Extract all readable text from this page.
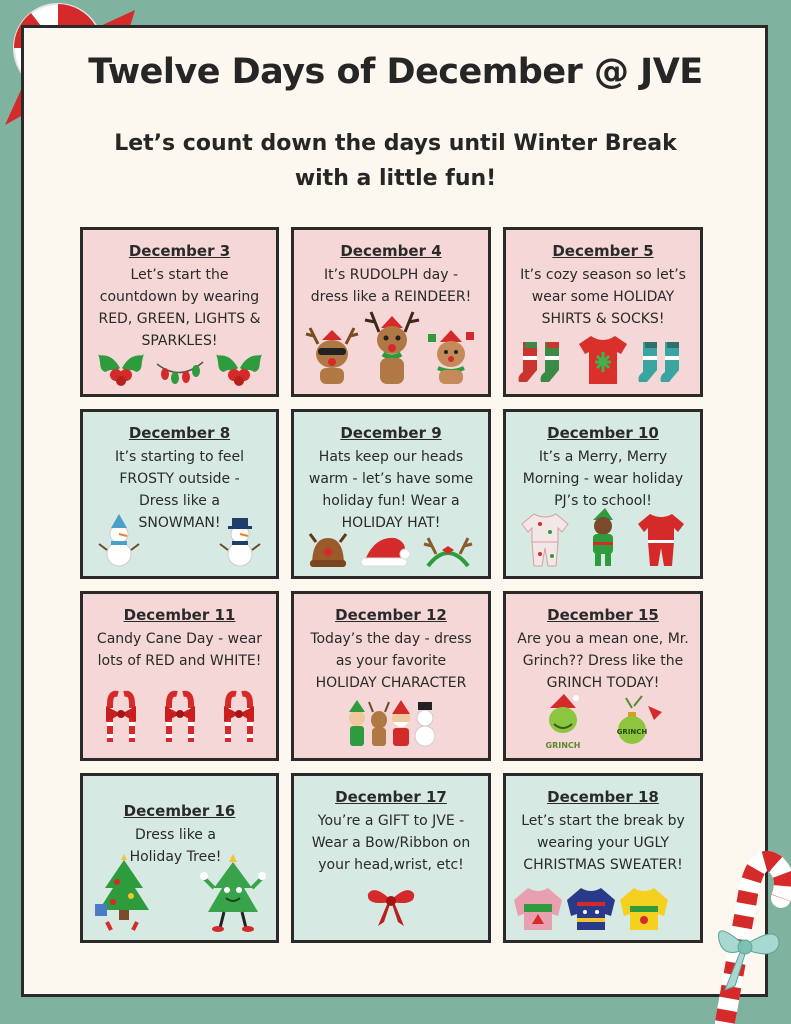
Twelve Days of December @ JVE
Let’s count down the days until Winter Break with a little fun!
December 3
Let’s start the countdown by wearing RED, GREEN, LIGHTS & SPARKLES!
December 4
It’s RUDOLPH day - dress like a REINDEER!
December 5
It’s cozy season so let’s wear some HOLIDAY SHIRTS & SOCKS!
December 8
It’s starting to feel FROSTY outside - Dress like a SNOWMAN!
December 9
Hats keep our heads warm - let’s have some holiday fun! Wear a HOLIDAY HAT!
December 10
It’s a Merry, Merry Morning - wear holiday PJ’s to school!
December 11
Candy Cane Day - wear lots of RED and WHITE!
December 12
Today’s the day - dress as your favorite HOLIDAY CHARACTER
December 15
Are you a mean one, Mr. Grinch?? Dress like the GRINCH TODAY!
GRINCH
GRINCH
December 16
Dress like a Holiday Tree!
December 17
You’re a GIFT to JVE - Wear a Bow/Ribbon on your head,wrist, etc!
December 18
Let’s start the break by wearing your UGLY CHRISTMAS SWEATER!
